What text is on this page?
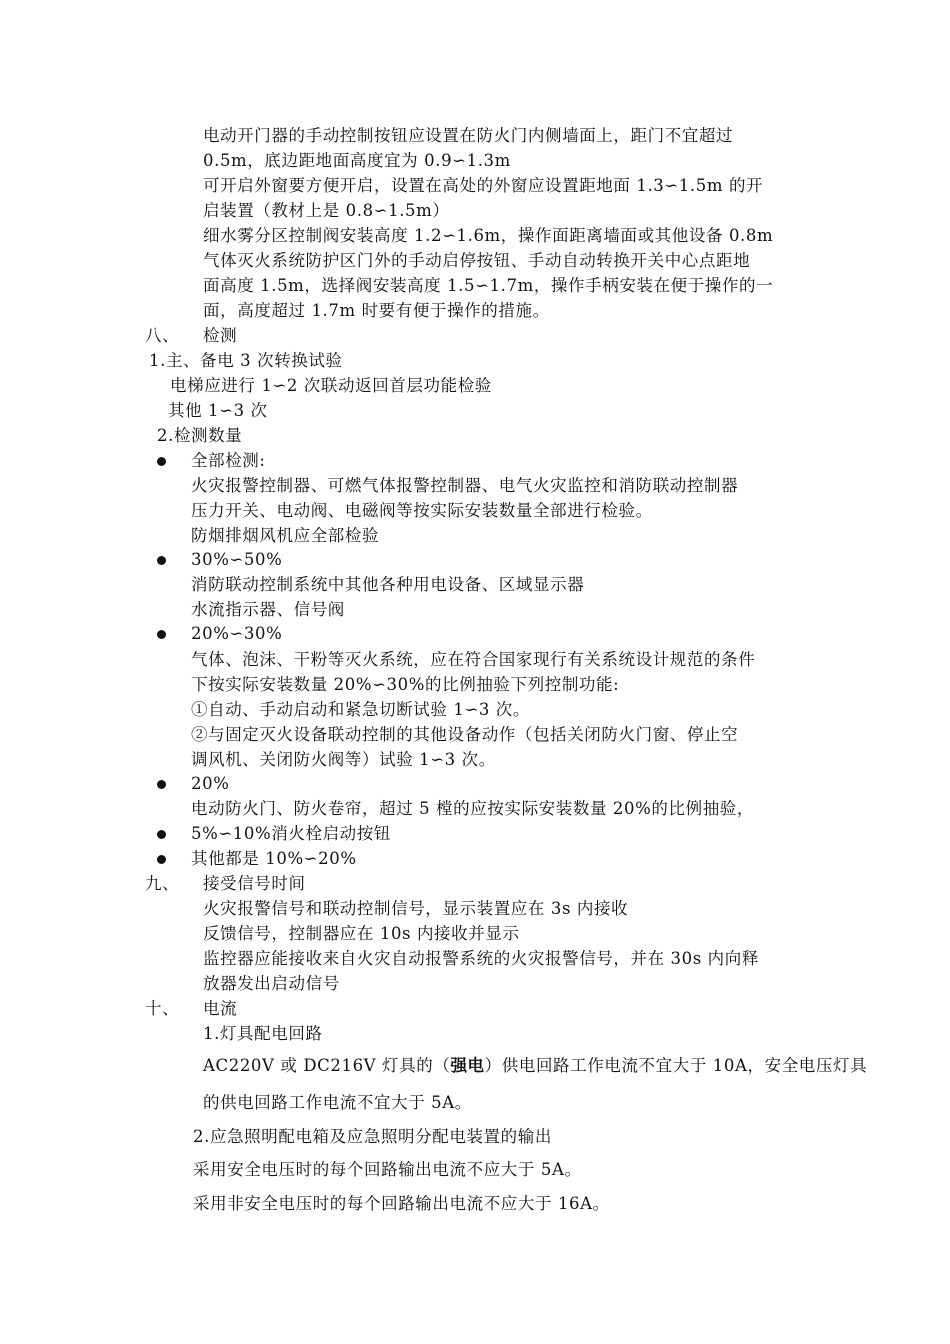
电动开门器的手动控制按钮应设置在防火门内侧墙面上，距门不宜超过
0.5m，底边距地面高度宜为 0.9∽1.3m
可开启外窗要方便开启，设置在高处的外窗应设置距地面 1.3∽1.5m 的开
启装置（教材上是 0.8∽1.5m）
细水雾分区控制阀安装高度 1.2∽1.6m，操作面距离墙面或其他设备 0.8m
气体灭火系统防护区门外的手动启停按钮、手动自动转换开关中心点距地
面高度 1.5m，选择阀安装高度 1.5∽1.7m，操作手柄安装在便于操作的一
面，高度超过 1.7m 时要有便于操作的措施。
八、 检测
1.主、备电 3 次转换试验
电梯应进行 1∽2 次联动返回首层功能检验
其他 1∽3 次
2.检测数量
全部检测:
火灾报警控制器、可燃气体报警控制器、电气火灾监控和消防联动控制器
压力开关、电动阀、电磁阀等按实际安装数量全部进行检验。
防烟排烟风机应全部检验
30%∽50%
消防联动控制系统中其他各种用电设备、区域显示器
水流指示器、信号阀
20%∽30%
气体、泡沫、干粉等灭火系统，应在符合国家现行有关系统设计规范的条件
下按实际安装数量 20%∽30%的比例抽验下列控制功能:
①自动、手动启动和紧急切断试验 1∽3 次。
②与固定灭火设备联动控制的其他设备动作（包括关闭防火门窗、停止空
调风机、关闭防火阀等）试验 1∽3 次。
20%
电动防火门、防火卷帘，超过 5 樘的应按实际安装数量 20%的比例抽验，
5%∽10%消火栓启动按钮
其他都是 10%∽20%
九、 接受信号时间
火灾报警信号和联动控制信号，显示装置应在 3s 内接收
反馈信号，控制器应在 10s 内接收并显示
监控器应能接收来自火灾自动报警系统的火灾报警信号，并在 30s 内向释
放器发出启动信号
十、 电流
1.灯具配电回路
AC220V 或 DC216V 灯具的（强电）供电回路工作电流不宜大于 10A，安全电压灯具
的供电回路工作电流不宜大于 5A。
2.应急照明配电箱及应急照明分配电装置的输出
采用安全电压时的每个回路输出电流不应大于 5A。
采用非安全电压时的每个回路输出电流不应大于 16A。
